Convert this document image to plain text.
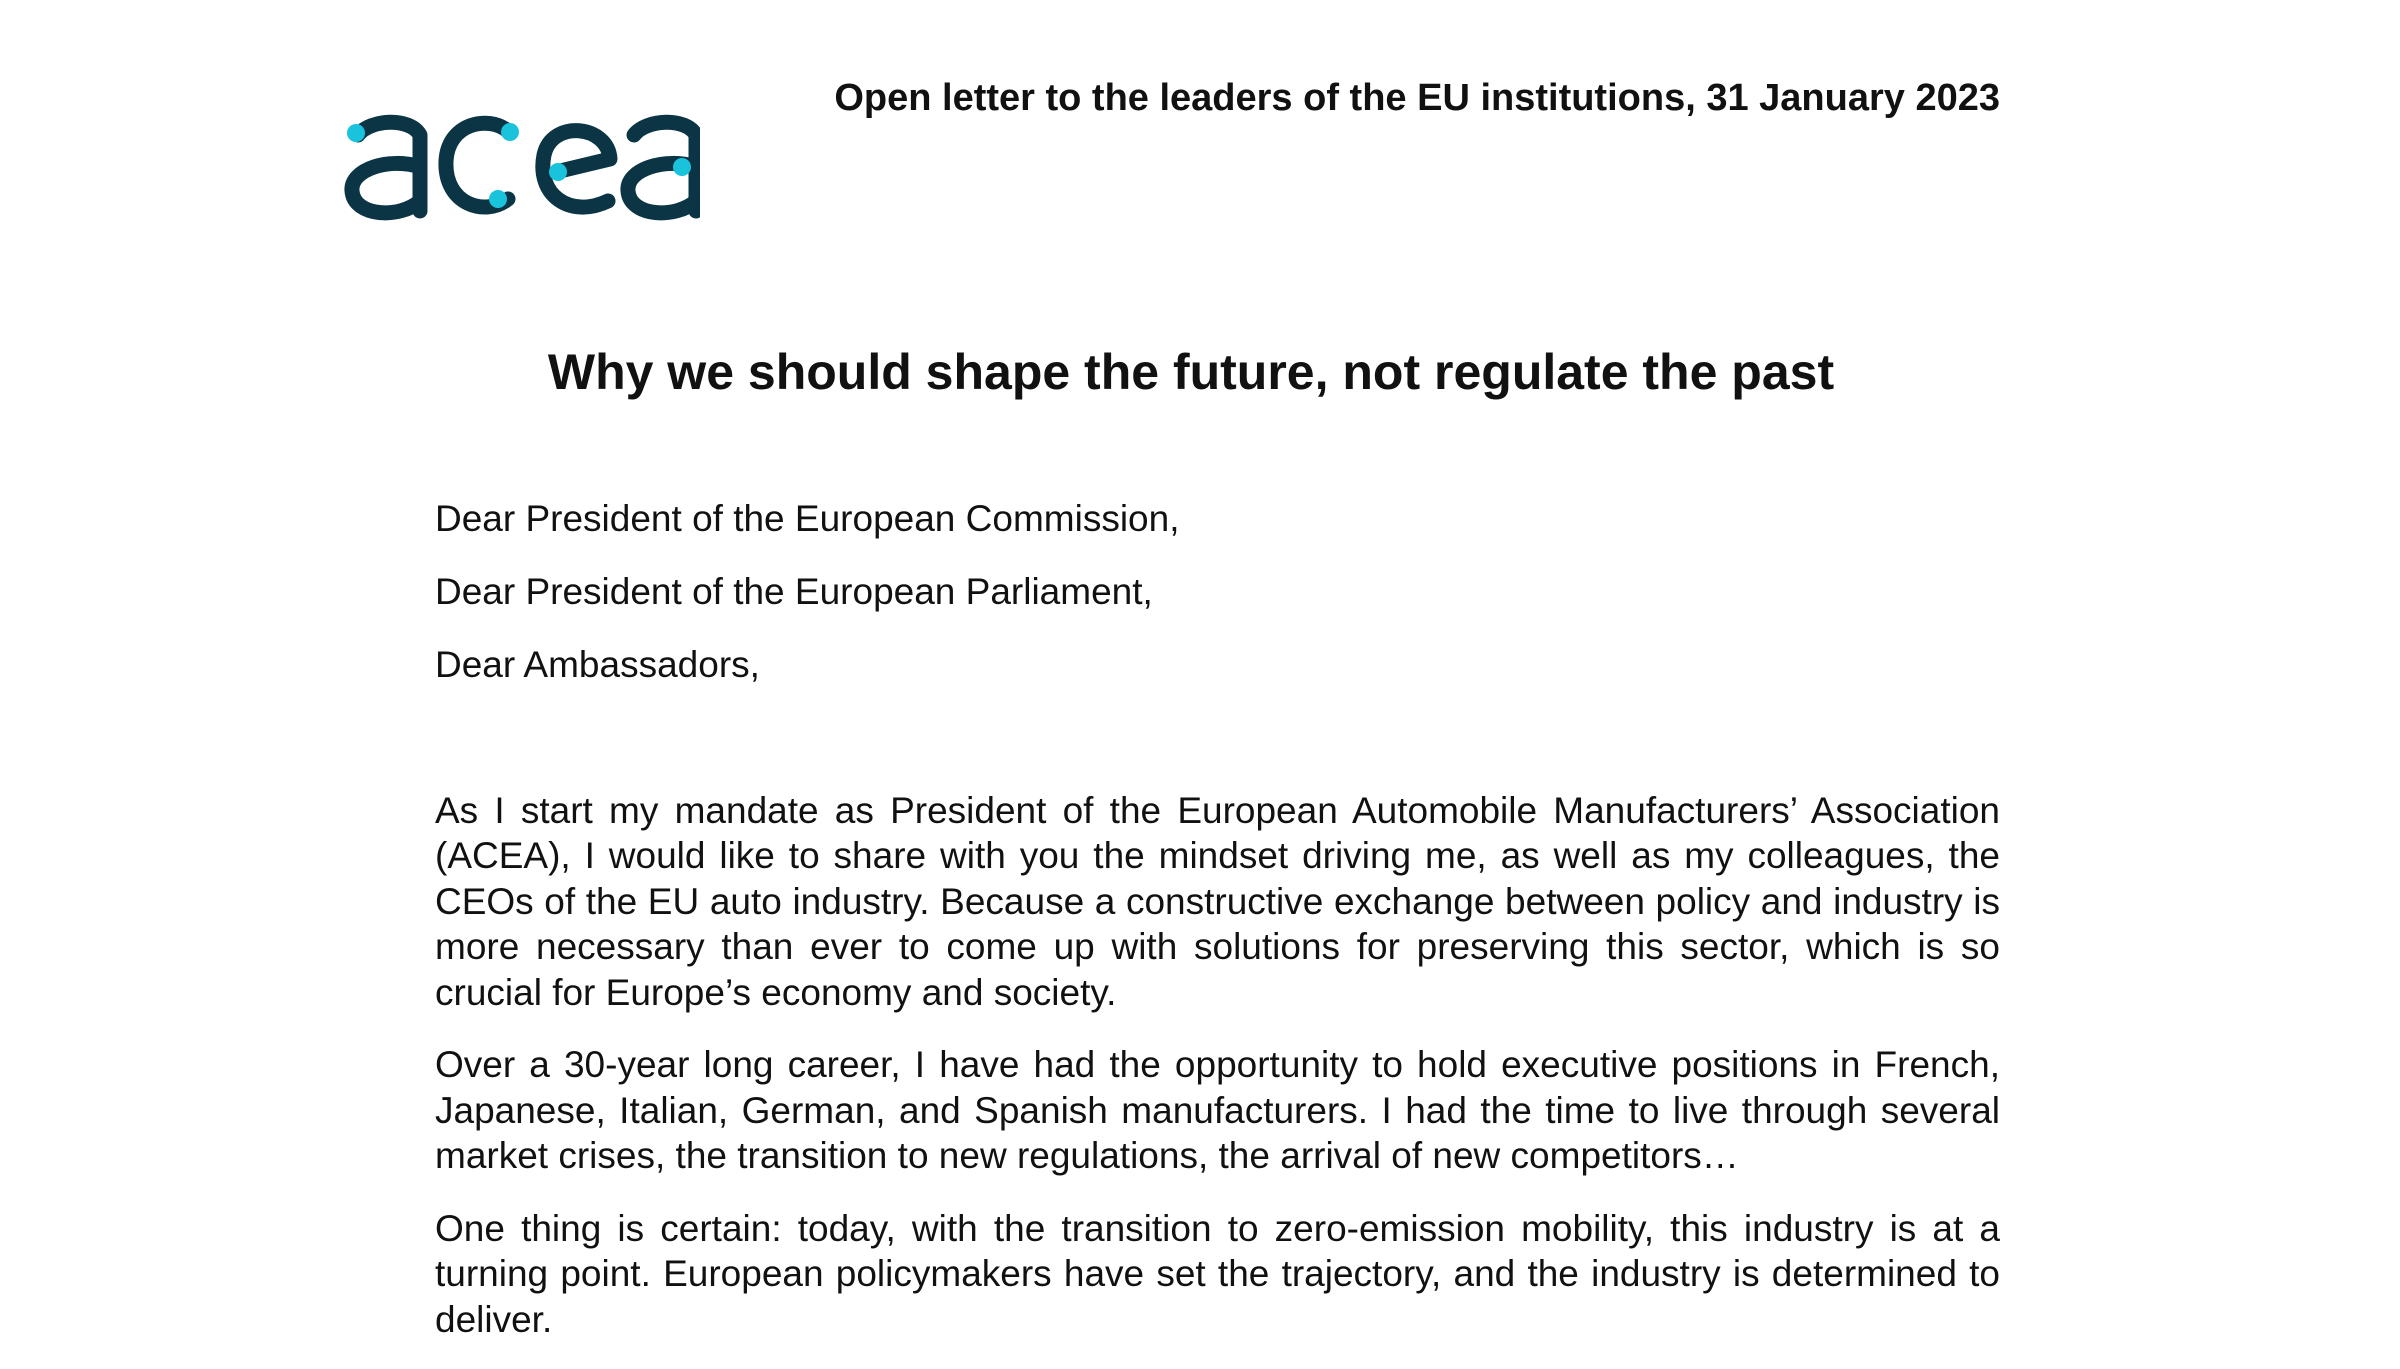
Open letter to the leaders of the EU institutions, 31 January 2023
Why we should shape the future, not regulate the past

Dear President of the European Commission,

Dear President of the European Parliament,

Dear Ambassadors,

As I start my mandate as President of the European Automobile Manufacturers’ Association (ACEA), I would like to share with you the mindset driving me, as well as my colleagues, the CEOs of the EU auto industry. Because a constructive exchange between policy and industry is more necessary than ever to come up with solutions for preserving this sector, which is so crucial for Europe’s economy and society.

Over a 30-year long career, I have had the opportunity to hold executive positions in French, Japanese, Italian, German, and Spanish manufacturers. I had the time to live through several market crises, the transition to new regulations, the arrival of new competitors…

One thing is certain: today, with the transition to zero-emission mobility, this industry is at a turning point. European policymakers have set the trajectory, and the industry is determined to deliver.
